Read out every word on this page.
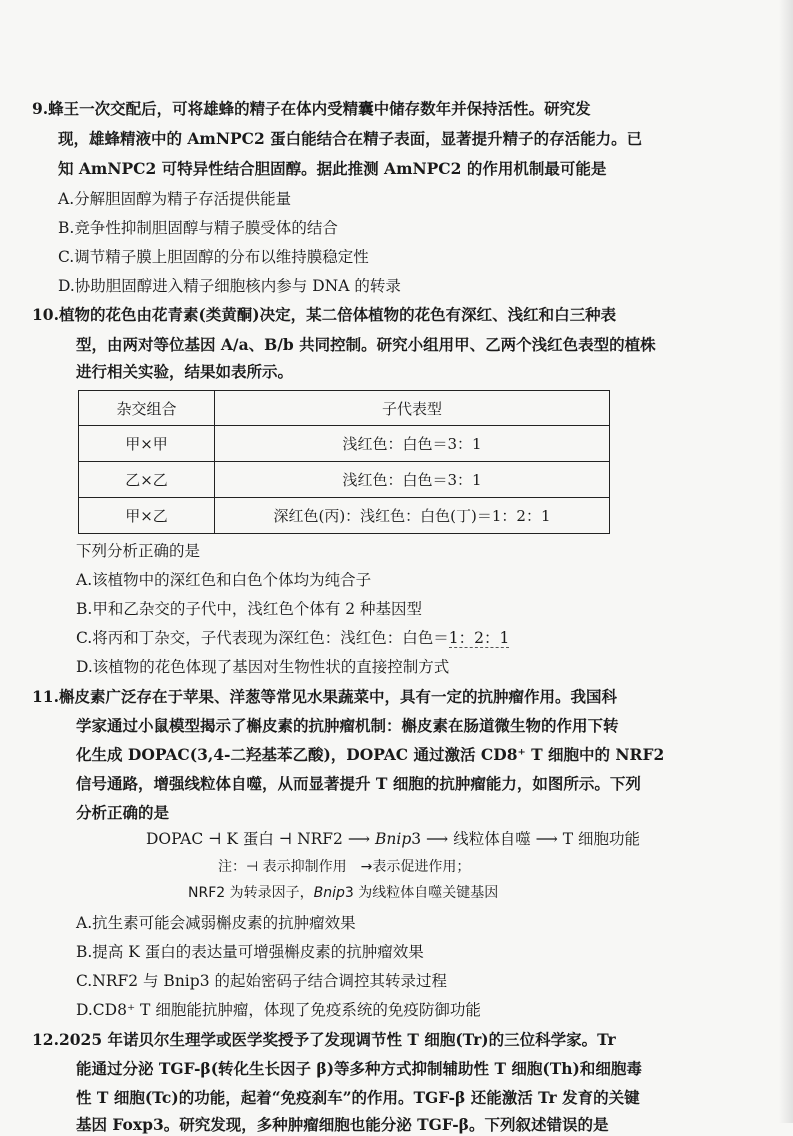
9.蜂王一次交配后，可将雄蜂的精子在体内受精囊中储存数年并保持活性。研究发
现，雄蜂精液中的 AmNPC2 蛋白能结合在精子表面，显著提升精子的存活能力。已
知 AmNPC2 可特异性结合胆固醇。据此推测 AmNPC2 的作用机制最可能是
A.分解胆固醇为精子存活提供能量
B.竞争性抑制胆固醇与精子膜受体的结合
C.调节精子膜上胆固醇的分布以维持膜稳定性
D.协助胆固醇进入精子细胞核内参与 DNA 的转录
10.植物的花色由花青素(类黄酮)决定，某二倍体植物的花色有深红、浅红和白三种表
型，由两对等位基因 A/a、B/b 共同控制。研究小组用甲、乙两个浅红色表型的植株
进行相关实验，结果如表所示。
杂交组合	子代表型
甲×甲	浅红色：白色＝3：1
乙×乙	浅红色：白色＝3：1
甲×乙	深红色(丙)：浅红色：白色(丁)＝1：2：1
下列分析正确的是
A.该植物中的深红色和白色个体均为纯合子
B.甲和乙杂交的子代中，浅红色个体有 2 种基因型
C.将丙和丁杂交，子代表现为深红色：浅红色：白色＝1：2：1
D.该植物的花色体现了基因对生物性状的直接控制方式
11.槲皮素广泛存在于苹果、洋葱等常见水果蔬菜中，具有一定的抗肿瘤作用。我国科
学家通过小鼠模型揭示了槲皮素的抗肿瘤机制：槲皮素在肠道微生物的作用下转
化生成 DOPAC(3,4-二羟基苯乙酸)，DOPAC 通过激活 CD8⁺ T 细胞中的 NRF2
信号通路，增强线粒体自噬，从而显著提升 T 细胞的抗肿瘤能力，如图所示。下列
分析正确的是
DOPAC ⊣ K 蛋白 ⊣ NRF2 ⟶ Bnip3 ⟶ 线粒体自噬 ⟶ T 细胞功能
注：⊣ 表示抑制作用　→表示促进作用；
NRF2 为转录因子，Bnip3 为线粒体自噬关键基因
A.抗生素可能会减弱槲皮素的抗肿瘤效果
B.提高 K 蛋白的表达量可增强槲皮素的抗肿瘤效果
C.NRF2 与 Bnip3 的起始密码子结合调控其转录过程
D.CD8⁺ T 细胞能抗肿瘤，体现了免疫系统的免疫防御功能
12.2025 年诺贝尔生理学或医学奖授予了发现调节性 T 细胞(Tr)的三位科学家。Tr
能通过分泌 TGF-β(转化生长因子 β)等多种方式抑制辅助性 T 细胞(Th)和细胞毒
性 T 细胞(Tc)的功能，起着“免疫刹车”的作用。TGF-β 还能激活 Tr 发育的关键
基因 Foxp3。研究发现，多种肿瘤细胞也能分泌 TGF-β。下列叙述错误的是
